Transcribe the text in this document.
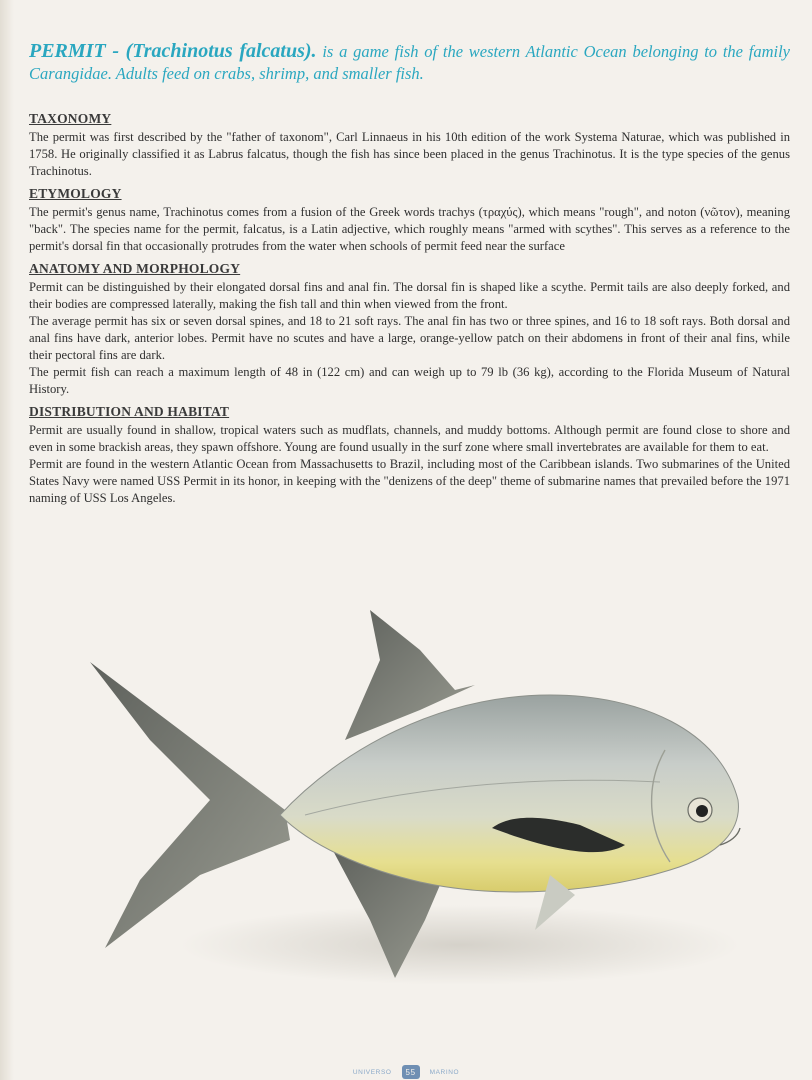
PERMIT - (Trachinotus falcatus). is a game fish of the western Atlantic Ocean belonging to the family Carangidae. Adults feed on crabs, shrimp, and smaller fish.

TAXONOMY

The permit was first described by the "father of taxonom", Carl Linnaeus in his 10th edition of the work Systema Naturae, which was published in 1758. He originally classified it as Labrus falcatus, though the fish has since been placed in the genus Trachinotus. It is the type species of the genus Trachinotus.

ETYMOLOGY

The permit's genus name, Trachinotus comes from a fusion of the Greek words trachys (τραχύς), which means "rough", and noton (νῶτον), meaning "back". The species name for the permit, falcatus, is a Latin adjective, which roughly means "armed with scythes". This serves as a reference to the permit's dorsal fin that occasionally protrudes from the water when schools of permit feed near the surface

ANATOMY AND MORPHOLOGY

Permit can be distinguished by their elongated dorsal fins and anal fin. The dorsal fin is shaped like a scythe. Permit tails are also deeply forked, and their bodies are compressed laterally, making the fish tall and thin when viewed from the front.

The average permit has six or seven dorsal spines, and 18 to 21 soft rays. The anal fin has two or three spines, and 16 to 18 soft rays. Both dorsal and anal fins have dark, anterior lobes. Permit have no scutes and have a large, orange-yellow patch on their abdomens in front of their anal fins, while their pectoral fins are dark.

The permit fish can reach a maximum length of 48 in (122 cm) and can weigh up to 79 lb (36 kg), according to the Florida Museum of Natural History.

DISTRIBUTION AND HABITAT

Permit are usually found in shallow, tropical waters such as mudflats, channels, and muddy bottoms. Although permit are found close to shore and even in some brackish areas, they spawn offshore. Young are found usually in the surf zone where small invertebrates are available for them to eat.

Permit are found in the western Atlantic Ocean from Massachusetts to Brazil, including most of the Caribbean islands. Two submarines of the United States Navy were named USS Permit in its honor, in keeping with the "denizens of the deep" theme of submarine names that prevailed before the 1971 naming of USS Los Angeles.

UNIVERSO	55	MARINO
